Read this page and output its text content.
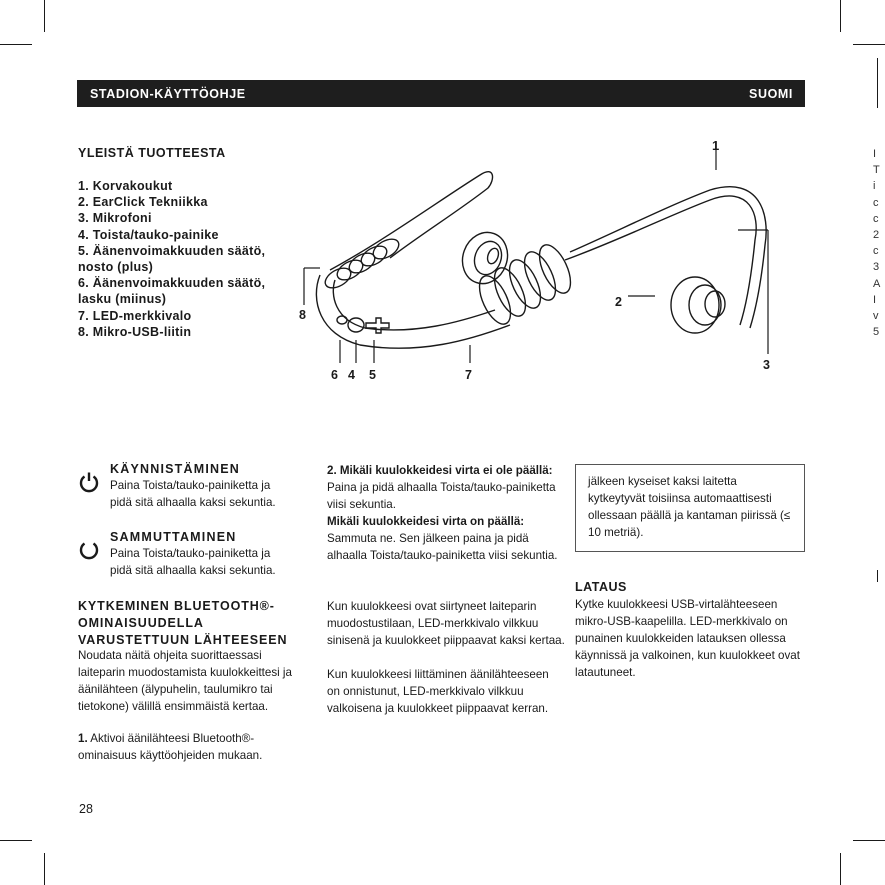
I
T
i
c
c
2
c
3
A
I
v
5
STADION-KÄYTTÖOHJE	SUOMI
YLEISTÄ TUOTTEESTA
1. Korvakoukut
2. EarClick Tekniikka
3. Mikrofoni
4. Toista/tauko-painike
5. Äänenvoimakkuuden säätö, nosto (plus)
6. Äänenvoimakkuuden säätö, lasku (miinus)
7. LED-merkkivalo
8. Mikro-USB-liitin
1
2
3
8
6 4 5	7
KÄYNNISTÄMINEN
Paina Toista/tauko-painiketta ja pidä sitä alhaalla kaksi sekuntia.
SAMMUTTAMINEN
Paina Toista/tauko-painiketta ja pidä sitä alhaalla kaksi sekuntia.
KYTKEMINEN BLUETOOTH®-OMINAISUUDELLA VARUSTETTUUN LÄHTEESEEN
Noudata näitä ohjeita suorittaessasi laiteparin muodostamista kuulokkeittesi ja äänilähteen (älypuhelin, taulumikro tai tietokone) välillä ensimmäistä kertaa.
1. Aktivoi äänilähteesi Bluetooth®-ominaisuus käyttöohjeiden mukaan.
2. Mikäli kuulokkeidesi virta ei ole päällä: Paina ja pidä alhaalla Toista/tauko-painiketta viisi sekuntia.
Mikäli kuulokkeidesi virta on päällä:
Sammuta ne. Sen jälkeen paina ja pidä alhaalla Toista/tauko-painiketta viisi sekuntia.
Kun kuulokkeesi ovat siirtyneet laiteparin muodostustilaan, LED-merkkivalo vilkkuu sinisenä ja kuulokkeet piippaavat kaksi kertaa.
Kun kuulokkeesi liittäminen äänilähteeseen on onnistunut, LED-merkkivalo vilkkuu valkoisena ja kuulokkeet piippaavat kerran.
jälkeen kyseiset kaksi laitetta kytkeytyvät toisiinsa automaattisesti ollessaan päällä ja kantaman piirissä (≤ 10 metriä).
LATAUS
Kytke kuulokkeesi USB-virtalähteeseen mikro-USB-kaapelilla. LED-merkkivalo on punainen kuulokkeiden latauksen ollessa käynnissä ja valkoinen, kun kuulokkeet ovat latautuneet.
28
